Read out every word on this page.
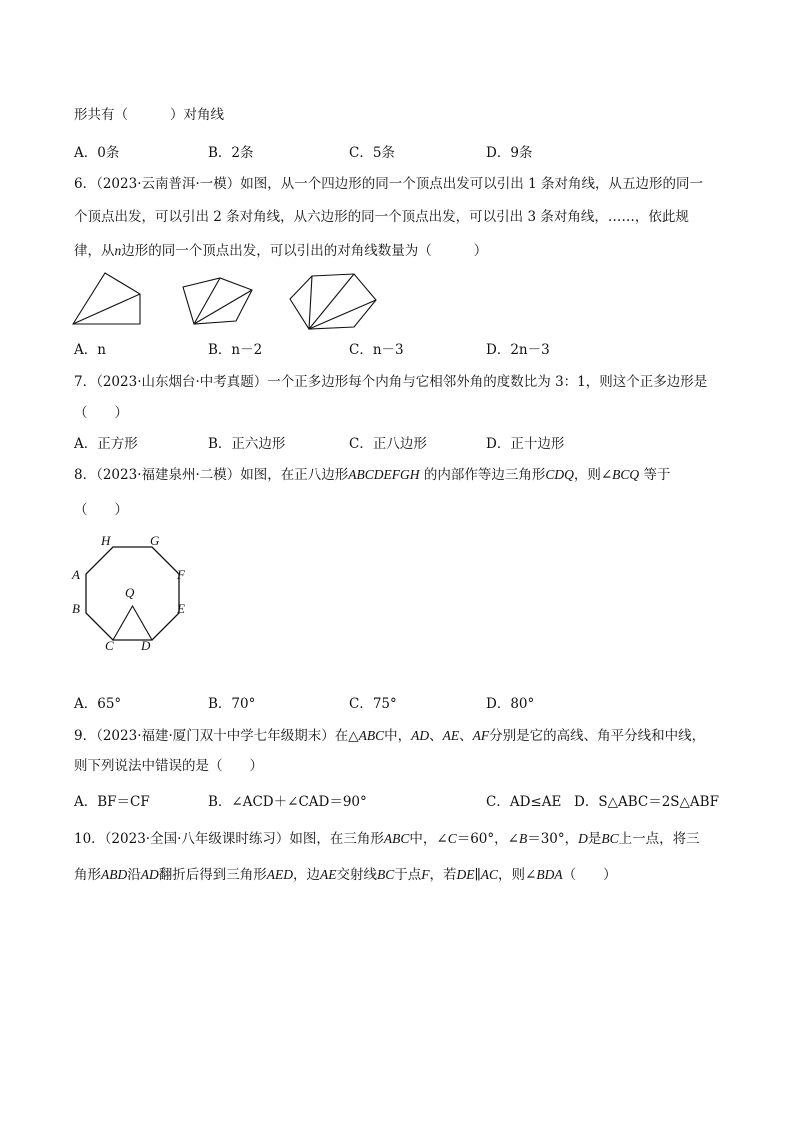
形共有（	）对角线
A．0条	B．2条	C．5条	D．9条
6．（2023·云南普洱·一模）如图，从一个四边形的同一个顶点出发可以引出 1 条对角线，从五边形的同一
个顶点出发，可以引出 2 条对角线，从六边形的同一个顶点出发，可以引出 3 条对角线，……，依此规
律，从n边形的同一个顶点出发，可以引出的对角线数量为（	）
A．n	B．n－2	C．n－3	D．2n－3
7．（2023·山东烟台·中考真题）一个正多边形每个内角与它相邻外角的度数比为 3：1，则这个正多边形是
（　　）
A．正方形	B．正六边形	C．正八边形	D．正十边形
8．（2023·福建泉州·二模）如图，在正八边形ABCDEFGH 的内部作等边三角形CDQ，则∠BCQ 等于
（　　）
H	G
A	F
Q
B	E
C D
A．65°	B．70°	C．75°	D．80°
9．（2023·福建·厦门双十中学七年级期末）在△ABC中，AD、AE、AF分别是它的高线、角平分线和中线，
则下列说法中错误的是（　　）
A．BF＝CF	B．∠ACD＋∠CAD＝90°	C．AD≤AE D．S△ABC＝2S△ABF
10．（2023·全国·八年级课时练习）如图，在三角形ABC中，∠C＝60°，∠B＝30°，D是BC上一点，将三
角形ABD沿AD翻折后得到三角形AED，边AE交射线BC于点F，若DE∥AC，则∠BDA（　　）
